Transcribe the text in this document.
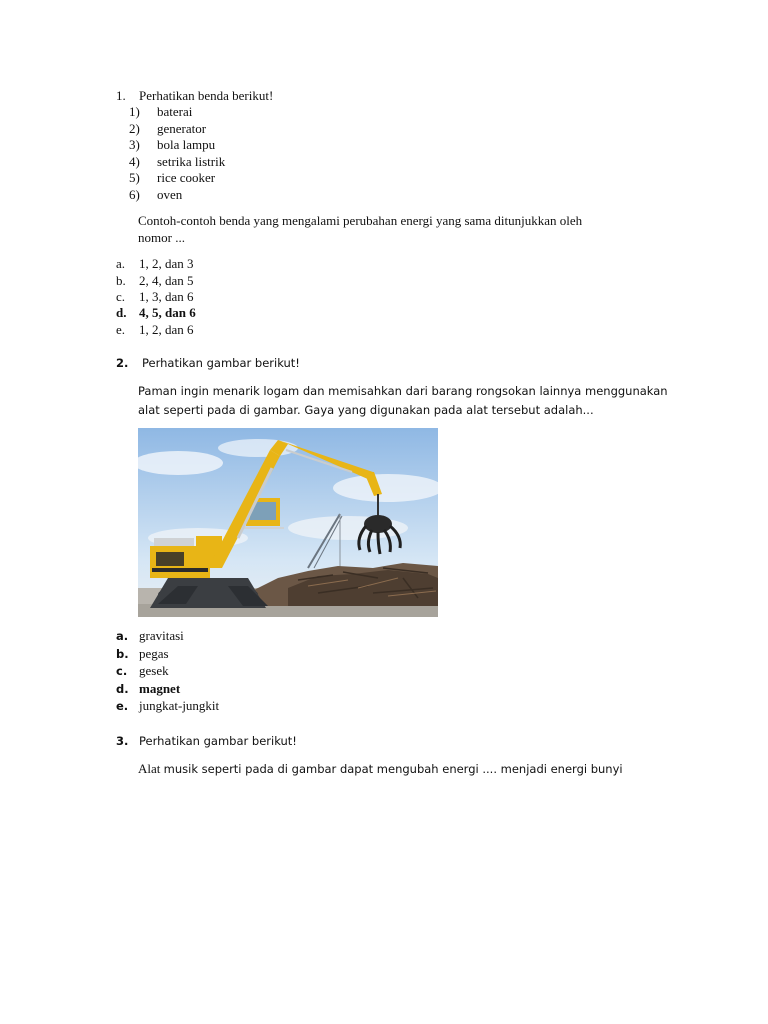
1. Perhatikan benda berikut!
1) baterai
2) generator
3) bola lampu
4) setrika listrik
5) rice cooker
6) oven
Contoh-contoh benda yang mengalami perubahan energi yang sama ditunjukkan oleh
nomor ...
a. 1, 2, dan 3
b. 2, 4, dan 5
c. 1, 3, dan 6
d. 4, 5, dan 6
e. 1, 2, dan 6
2. Perhatikan gambar berikut!
Paman ingin menarik logam dan memisahkan dari barang rongsokan lainnya menggunakan
alat seperti pada di gambar. Gaya yang digunakan pada alat tersebut adalah...
a. gravitasi
b. pegas
c. gesek
d. magnet
e. jungkat-jungkit
3. Perhatikan gambar berikut!
Alat musik seperti pada di gambar dapat mengubah energi .... menjadi energi bunyi
